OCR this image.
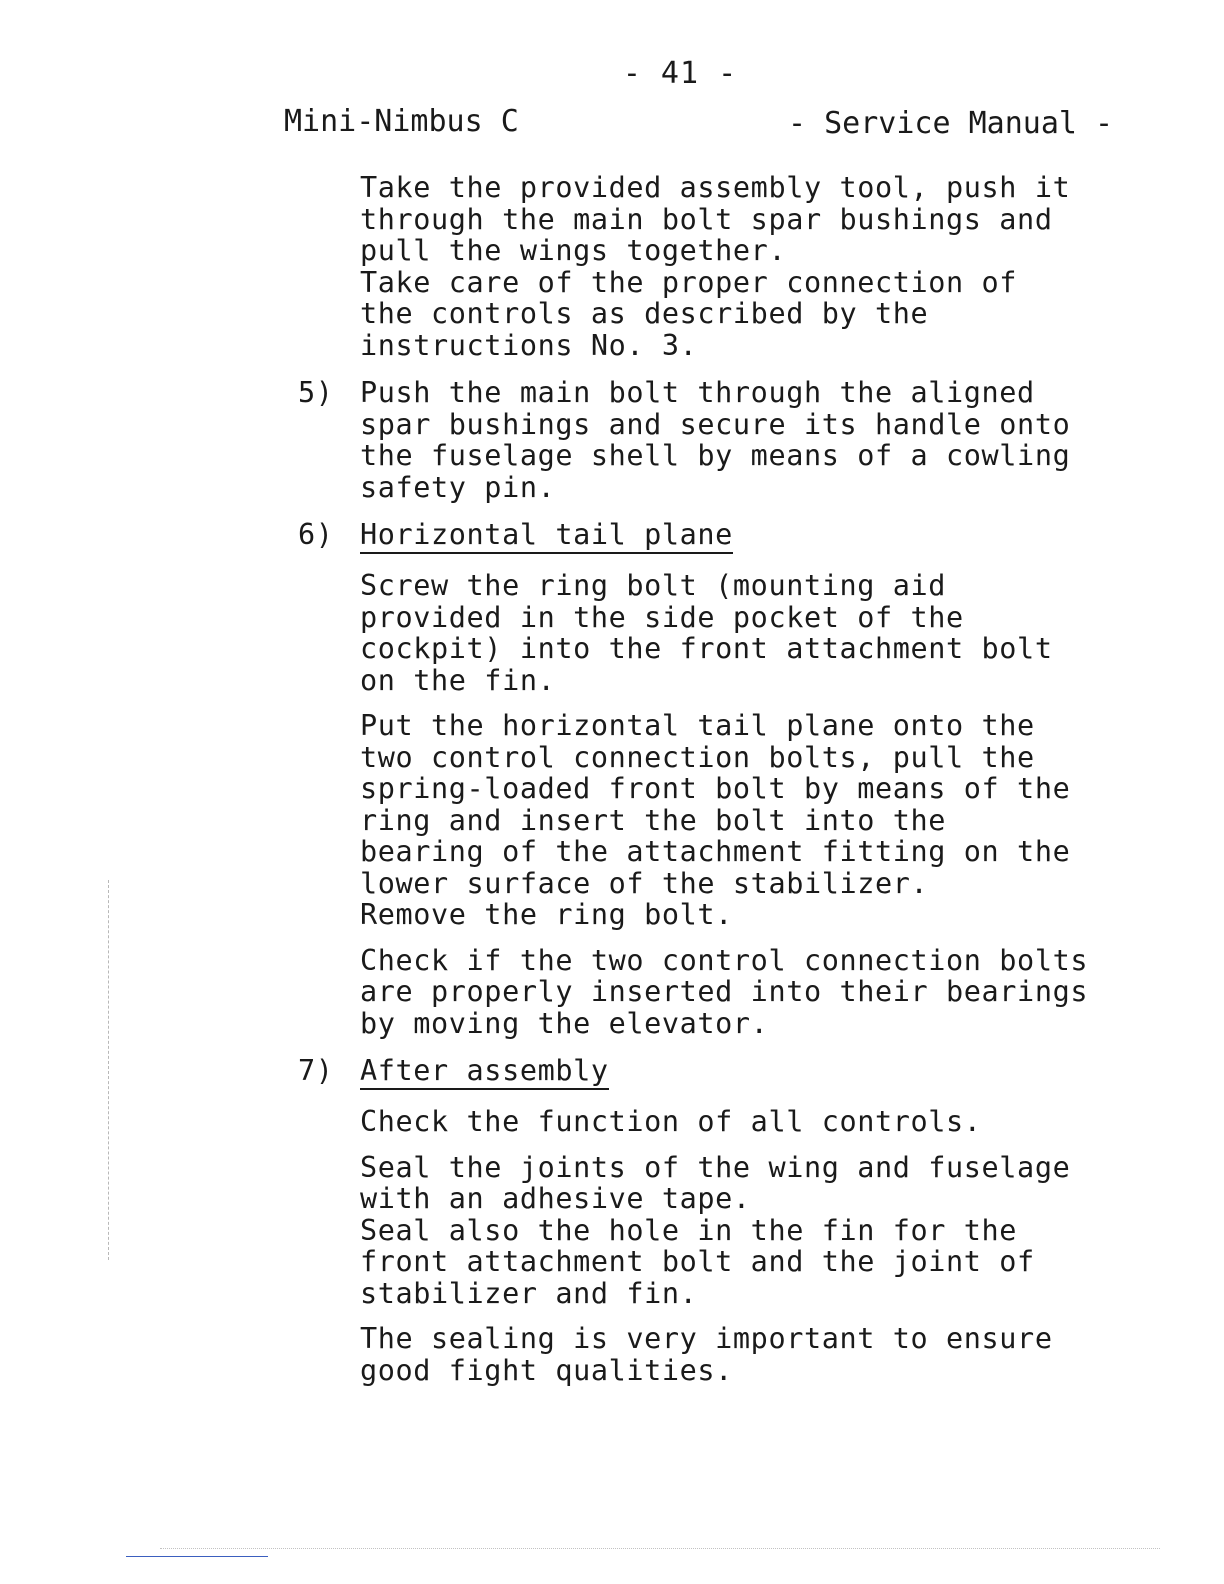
- 41 -
Mini-Nimbus C	- Service Manual -

Take the provided assembly tool, push it

through the main bolt spar bushings and

pull the wings together.

Take care of the proper connection of

the controls as described by the

instructions No. 3.

5) Push the main bolt through the aligned

spar bushings and secure its handle onto

the fuselage shell by means of a cowling

safety pin.

6) Horizontal tail plane

Screw the ring bolt (mounting aid

provided in the side pocket of the

cockpit) into the front attachment bolt

on the fin.

Put the horizontal tail plane onto the

two control connection bolts, pull the

spring-loaded front bolt by means of the

ring and insert the bolt into the

bearing of the attachment fitting on the

lower surface of the stabilizer.

Remove the ring bolt.

Check if the two control connection bolts

are properly inserted into their bearings

by moving the elevator.

7) After assembly

Check the function of all controls.

Seal the joints of the wing and fuselage

with an adhesive tape.

Seal also the hole in the fin for the

front attachment bolt and the joint of

stabilizer and fin.

The sealing is very important to ensure

good fight qualities.
